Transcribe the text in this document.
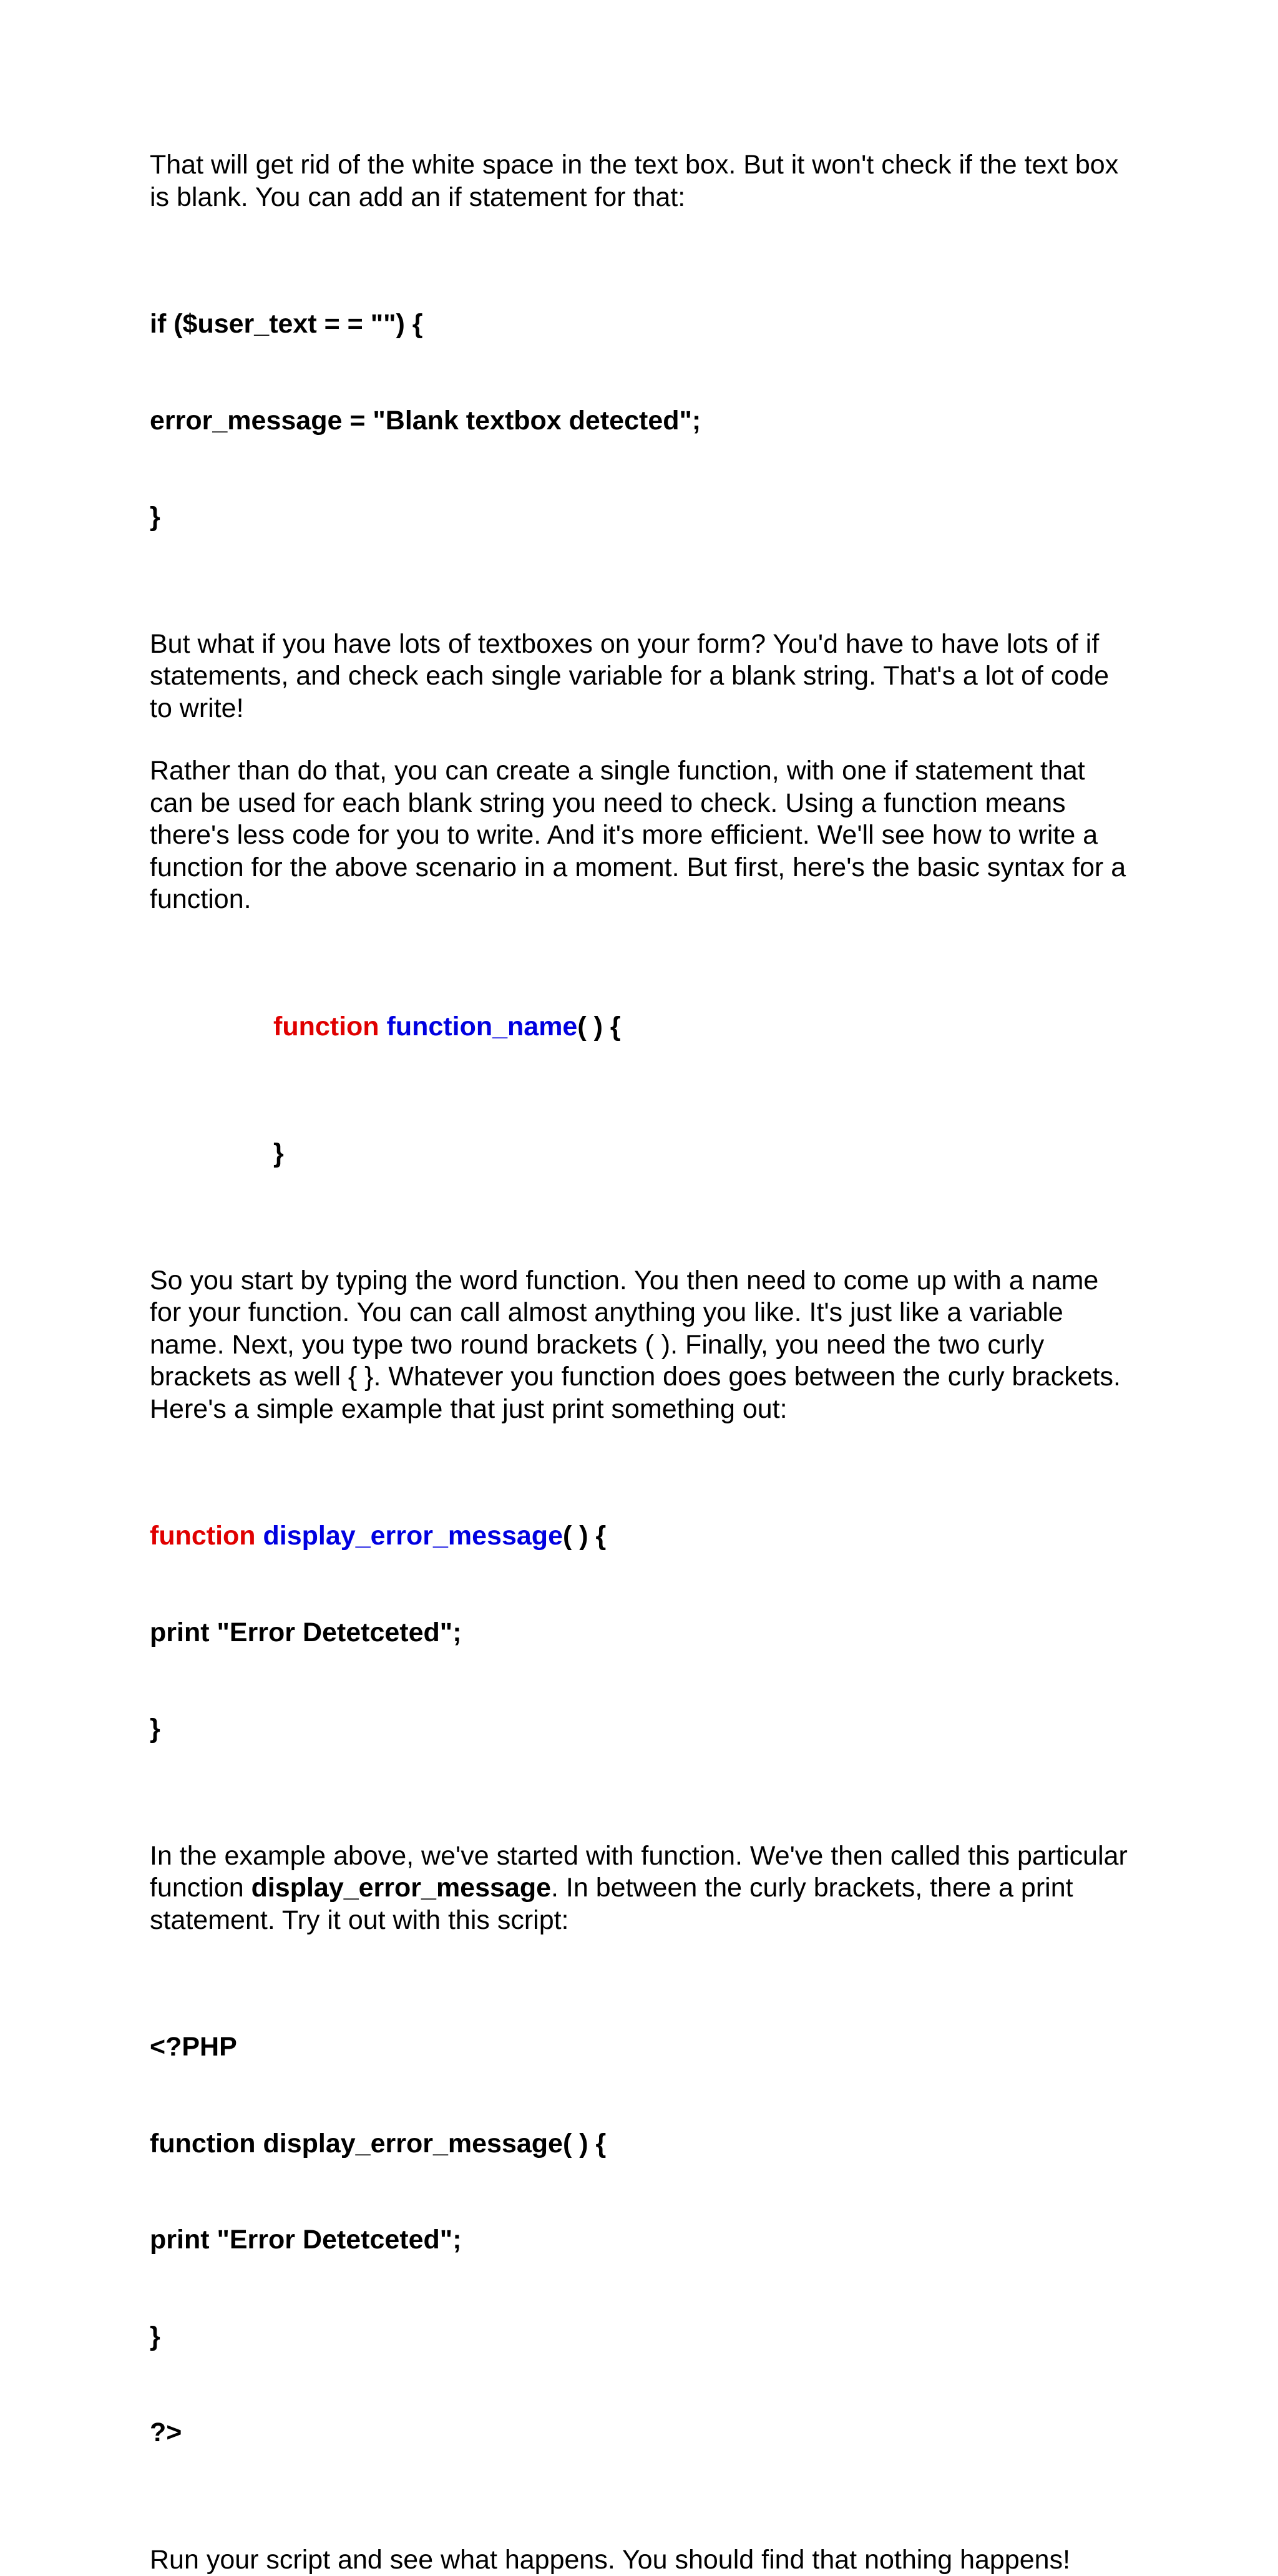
That will get rid of the white space in the text box. But it won't check if the text box is blank. You can add an if statement for that:

if ($user_text = = "") {

error_message = "Blank textbox detected";

}

But what if you have lots of textboxes on your form? You'd have to have lots of if statements, and check each single variable for a blank string. That's a lot of code to write!

Rather than do that, you can create a single function, with one if statement that can be used for each blank string you need to check. Using a function means there's less code for you to write. And it's more efficient. We'll see how to write a function for the above scenario in a moment. But first, here's the basic syntax for a function.

function function_name( ) {

}

So you start by typing the word function. You then need to come up with a name for your function. You can call almost anything you like. It's just like a variable name. Next, you type two round brackets ( ). Finally, you need the two curly brackets as well { }. Whatever you function does goes between the curly brackets. Here's a simple example that just print something out:

function display_error_message( ) {

print "Error Detetceted";

}

In the example above, we've started with function. We've then called this particular function display_error_message. In between the curly brackets, there a print statement. Try it out with this script:

<?PHP

function display_error_message( ) {

print "Error Detetceted";

}

?>

Run your script and see what happens. You should find that nothing happens!
